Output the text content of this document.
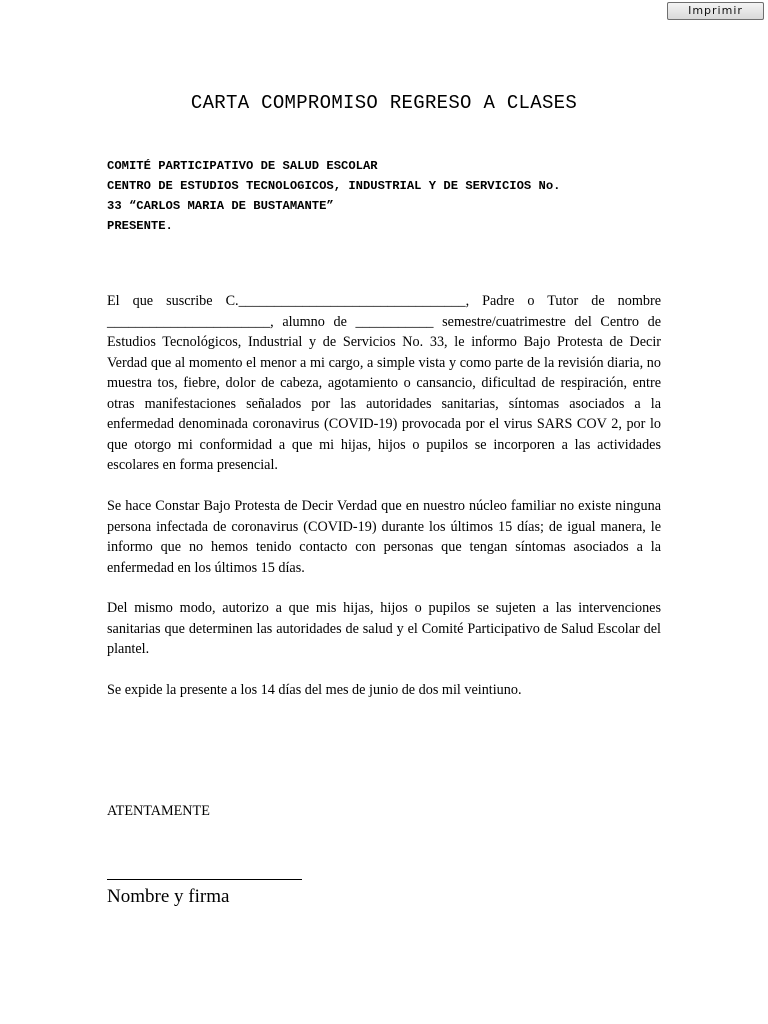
Imprimir
CARTA COMPROMISO REGRESO A CLASES
COMITÉ PARTICIPATIVO DE SALUD ESCOLAR
CENTRO DE ESTUDIOS TECNOLOGICOS, INDUSTRIAL Y DE SERVICIOS No.
33 “CARLOS MARIA DE BUSTAMANTE”
PRESENTE.

El que suscribe C.________________________________, Padre o Tutor de nombre _______________________, alumno de ___________ semestre/cuatrimestre del Centro de Estudios Tecnológicos, Industrial y de Servicios No. 33, le informo Bajo Protesta de Decir Verdad que al momento el menor a mi cargo, a simple vista y como parte de la revisión diaria, no muestra tos, fiebre, dolor de cabeza, agotamiento o cansancio, dificultad de respiración, entre otras manifestaciones señalados por las autoridades sanitarias, síntomas asociados a la enfermedad denominada coronavirus (COVID-19) provocada por el virus SARS COV 2, por lo que otorgo mi conformidad a que mi hijas, hijos o pupilos se incorporen a las actividades escolares en forma presencial.

Se hace Constar Bajo Protesta de Decir Verdad que en nuestro núcleo familiar no existe ninguna persona infectada de coronavirus (COVID-19) durante los últimos 15 días; de igual manera, le informo que no hemos tenido contacto con personas que tengan síntomas asociados a la enfermedad en los últimos 15 días.

Del mismo modo, autorizo a que mis hijas, hijos o pupilos se sujeten a las intervenciones sanitarias que determinen las autoridades de salud y el Comité Participativo de Salud Escolar del plantel.

Se expide la presente a los 14 días del mes de junio de dos mil veintiuno.

ATENTAMENTE
Nombre y firma
